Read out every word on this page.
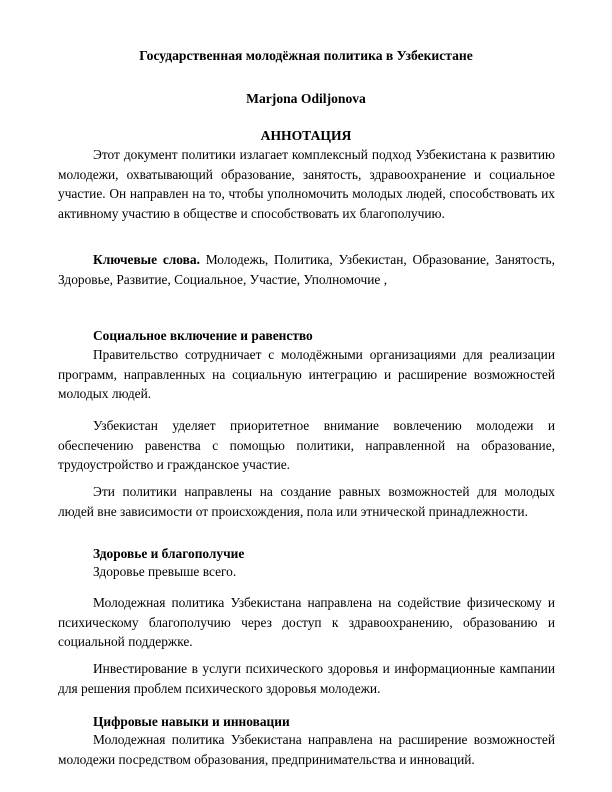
Государственная молодёжная политика в Узбекистане
Marjona Odiljonova
АННОТАЦИЯ

Этот документ политики излагает комплексный подход Узбекистана к развитию молодежи, охватывающий образование, занятость, здравоохранение и социальное участие. Он направлен на то, чтобы уполномочить молодых людей, способствовать их активному участию в обществе и способствовать их благополучию.

Ключевые слова. Молодежь, Политика, Узбекистан, Образование, Занятость, Здоровье, Развитие, Социальное, Участие, Уполномочие ,

Социальное включение и равенство

Правительство сотрудничает с молодёжными организациями для реализации программ, направленных на социальную интеграцию и расширение возможностей молодых людей.

Узбекистан уделяет приоритетное внимание вовлечению молодежи и обеспечению равенства с помощью политики, направленной на образование, трудоустройство и гражданское участие.

Эти политики направлены на создание равных возможностей для молодых людей вне зависимости от происхождения, пола или этнической принадлежности.

Здоровье и благополучие

Здоровье превыше всего.

Молодежная политика Узбекистана направлена на содействие физическому и психическому благополучию через доступ к здравоохранению, образованию и социальной поддержке.

Инвестирование в услуги психического здоровья и информационные кампании для решения проблем психического здоровья молодежи.

Цифровые навыки и инновации

Молодежная политика Узбекистана направлена на расширение возможностей молодежи посредством образования, предпринимательства и инноваций.
